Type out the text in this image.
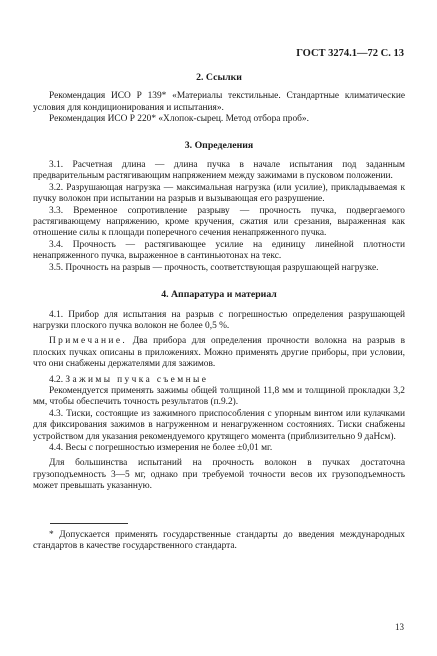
ГОСТ 3274.1—72 С. 13
2. Ссылки

Рекомендация ИСО Р 139* «Материалы текстильные. Стандартные климатические условия для кондиционирования и испытания».

Рекомендация ИСО Р 220* «Хлопок-сырец. Метод отбора проб».

3. Определения

3.1. Расчетная длина — длина пучка в начале испытания под заданным предварительным растягивающим напряжением между зажимами в пусковом положении.

3.2. Разрушающая нагрузка — максимальная нагрузка (или усилие), прикладываемая к пучку волокон при испытании на разрыв и вызывающая его разрушение.

3.3. Временное сопротивление разрыву — прочность пучка, подвергаемого растягивающему напряжению, кроме кручения, сжатия или срезания, выраженная как отношение силы к площади поперечного сечения ненапряженного пучка.

3.4. Прочность — растягивающее усилие на единицу линейной плотности ненапряженного пучка, выраженное в сантиньютонах на текс.

3.5. Прочность на разрыв — прочность, соответствующая разрушающей нагрузке.

4. Аппаратура и материал

4.1. Прибор для испытания на разрыв с погрешностью определения разрушающей нагрузки плоского пучка волокон не более 0,5 %.

Примечание. Два прибора для определения прочности волокна на разрыв в плоских пучках описаны в приложениях. Можно применять другие приборы, при условии, что они снабжены держателями для зажимов.

4.2. Зажимы пучка съемные

Рекомендуется применять зажимы общей толщиной 11,8 мм и толщиной прокладки 3,2 мм, чтобы обеспечить точность результатов (п.9.2).

4.3. Тиски, состоящие из зажимного приспособления с упорным винтом или кулачками для фиксирования зажимов в нагруженном и ненагруженном состояниях. Тиски снабжены устройством для указания рекомендуемого крутящего момента (приблизительно 9 даНсм).

4.4. Весы с погрешностью измерения не более ±0,01 мг.

Для большинства испытаний на прочность волокон в пучках достаточна грузоподъемность 3—5 мг, однако при требуемой точности весов их грузоподъемность может превышать указанную.

* Допускается применять государственные стандарты до введения международных стандартов в качестве государственного стандарта.

13
